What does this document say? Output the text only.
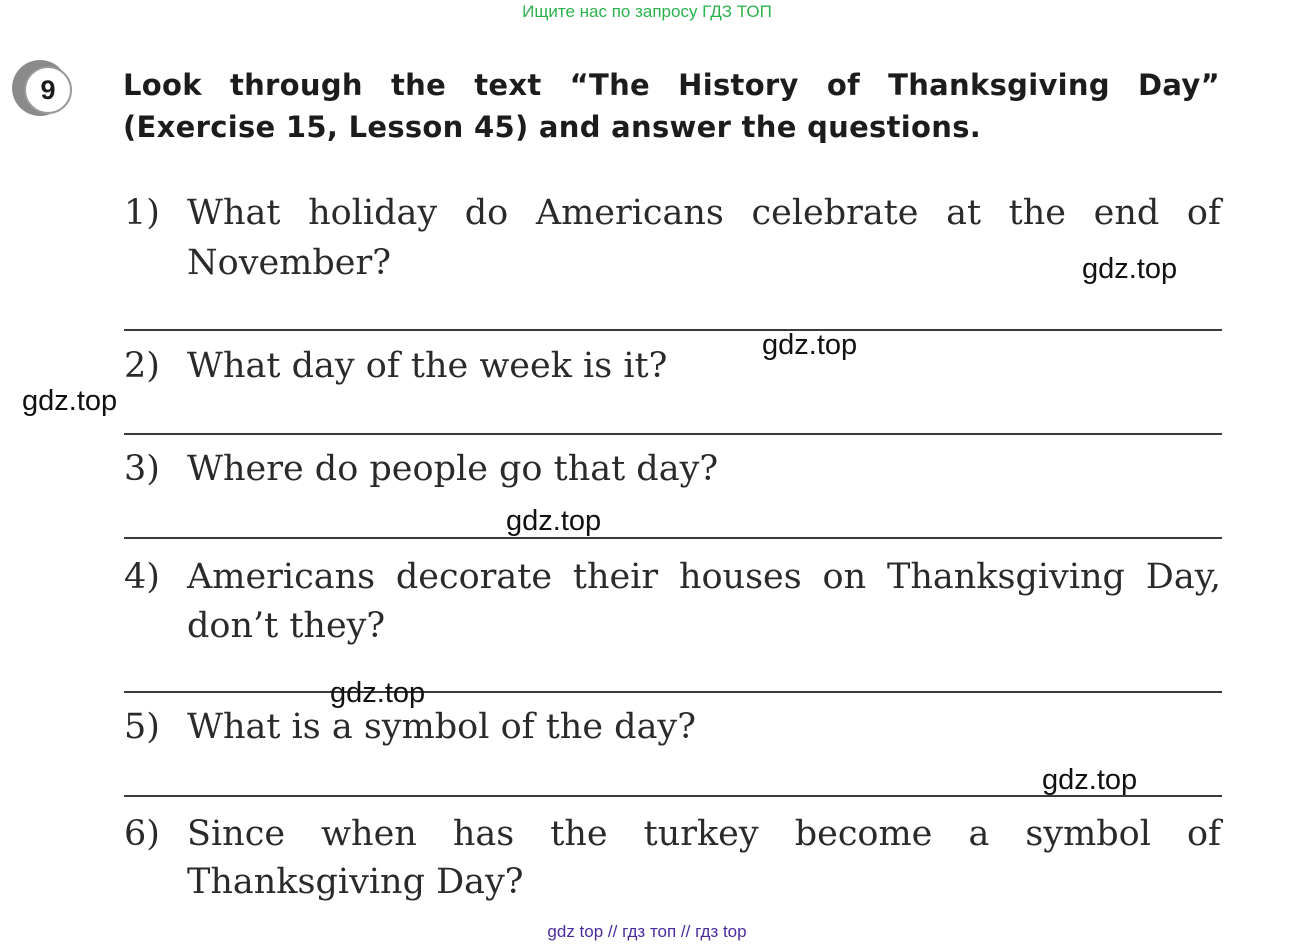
Ищите нас по запросу ГДЗ ТОП
9	Look through the text “The History of Thanksgiving Day”
(Exercise 15, Lesson 45) and answer the questions.
1) What holiday do Americans celebrate at the end of
November?
2) What day of the week is it?
3) Where do people go that day?
4) Americans decorate their houses on Thanksgiving Day,
don’t they?
5) What is a symbol of the day?
6) Since when has the turkey become a symbol of
Thanksgiving Day?
gdz.top
gdz.top
gdz.top
gdz.top
gdz.top
gdz.top
gdz top // гдз топ // гдз top
